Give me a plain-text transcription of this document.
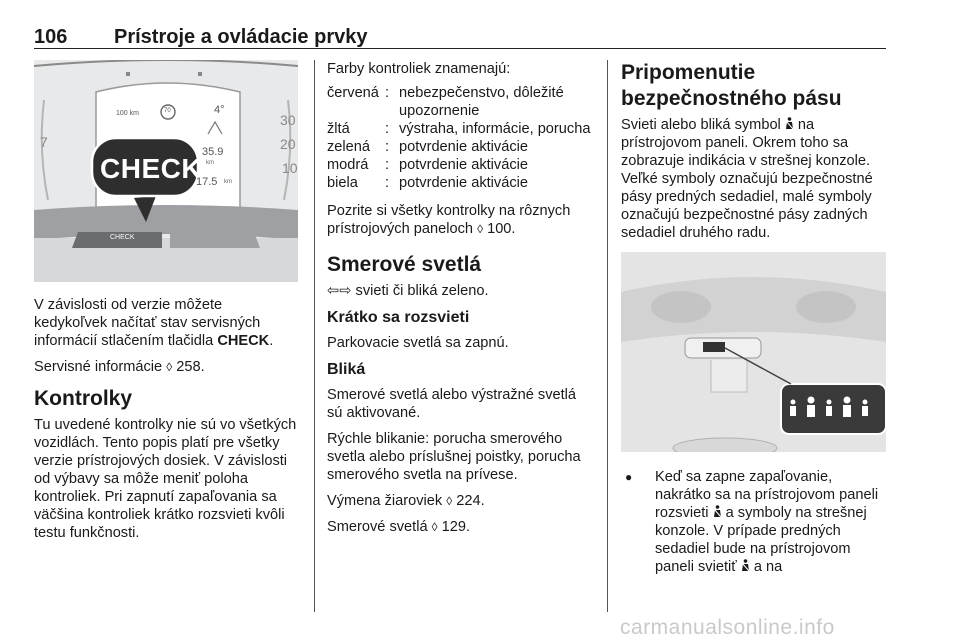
106 Prístroje a ovládacie prvky
CHECK
CHECK
100 km	70	4°
35.9
km
17.5 km
30
20
10
7

V závislosti od verzie môžete kedykoľvek načítať stav servisných informácií stlačením tlačidla CHECK.

Servisné informácie ◊ 258.

Kontrolky

Tu uvedené kontrolky nie sú vo všetkých vozidlách. Tento popis platí pre všetky verzie prístrojových dosiek. V závislosti od výbavy sa môže meniť poloha kontroliek. Pri zapnutí zapaľovania sa väčšina kontroliek krátko rozsvieti kvôli testu funkčnosti.

Farby kontroliek znamenajú:

červená	:	nebezpečenstvo, dôležité upozornenie
žltá	:	výstraha, informácie, porucha
zelená	:	potvrdenie aktivácie
modrá	:	potvrdenie aktivácie
biela	:	potvrdenie aktivácie

Pozrite si všetky kontrolky na rôznych prístrojových paneloch ◊ 100.

Smerové svetlá

⇦⇨ svieti či bliká zeleno.

Krátko sa rozsvieti

Parkovacie svetlá sa zapnú.

Bliká

Smerové svetlá alebo výstražné svetlá sú aktivované.

Rýchle blikanie: porucha smerového svetla alebo príslušnej poistky, porucha smerového svetla na prívese.

Výmena žiaroviek ◊ 224.

Smerové svetlá ◊ 129.

Pripomenutie bezpečnostného pásu

Svieti alebo bliká symbol  na prístrojovom paneli. Okrem toho sa zobrazuje indikácia v strešnej konzole. Veľké symboly označujú bezpečnostné pásy predných sedadiel, malé symboly označujú bezpečnostné pásy zadných sedadiel druhého radu.

●	Keď sa zapne zapaľovanie, nakrátko sa na prístrojovom paneli rozsvieti  a symboly na strešnej konzole. V prípade predných sedadiel bude na prístrojovom paneli svietiť  a na
carmanualsonline.info
